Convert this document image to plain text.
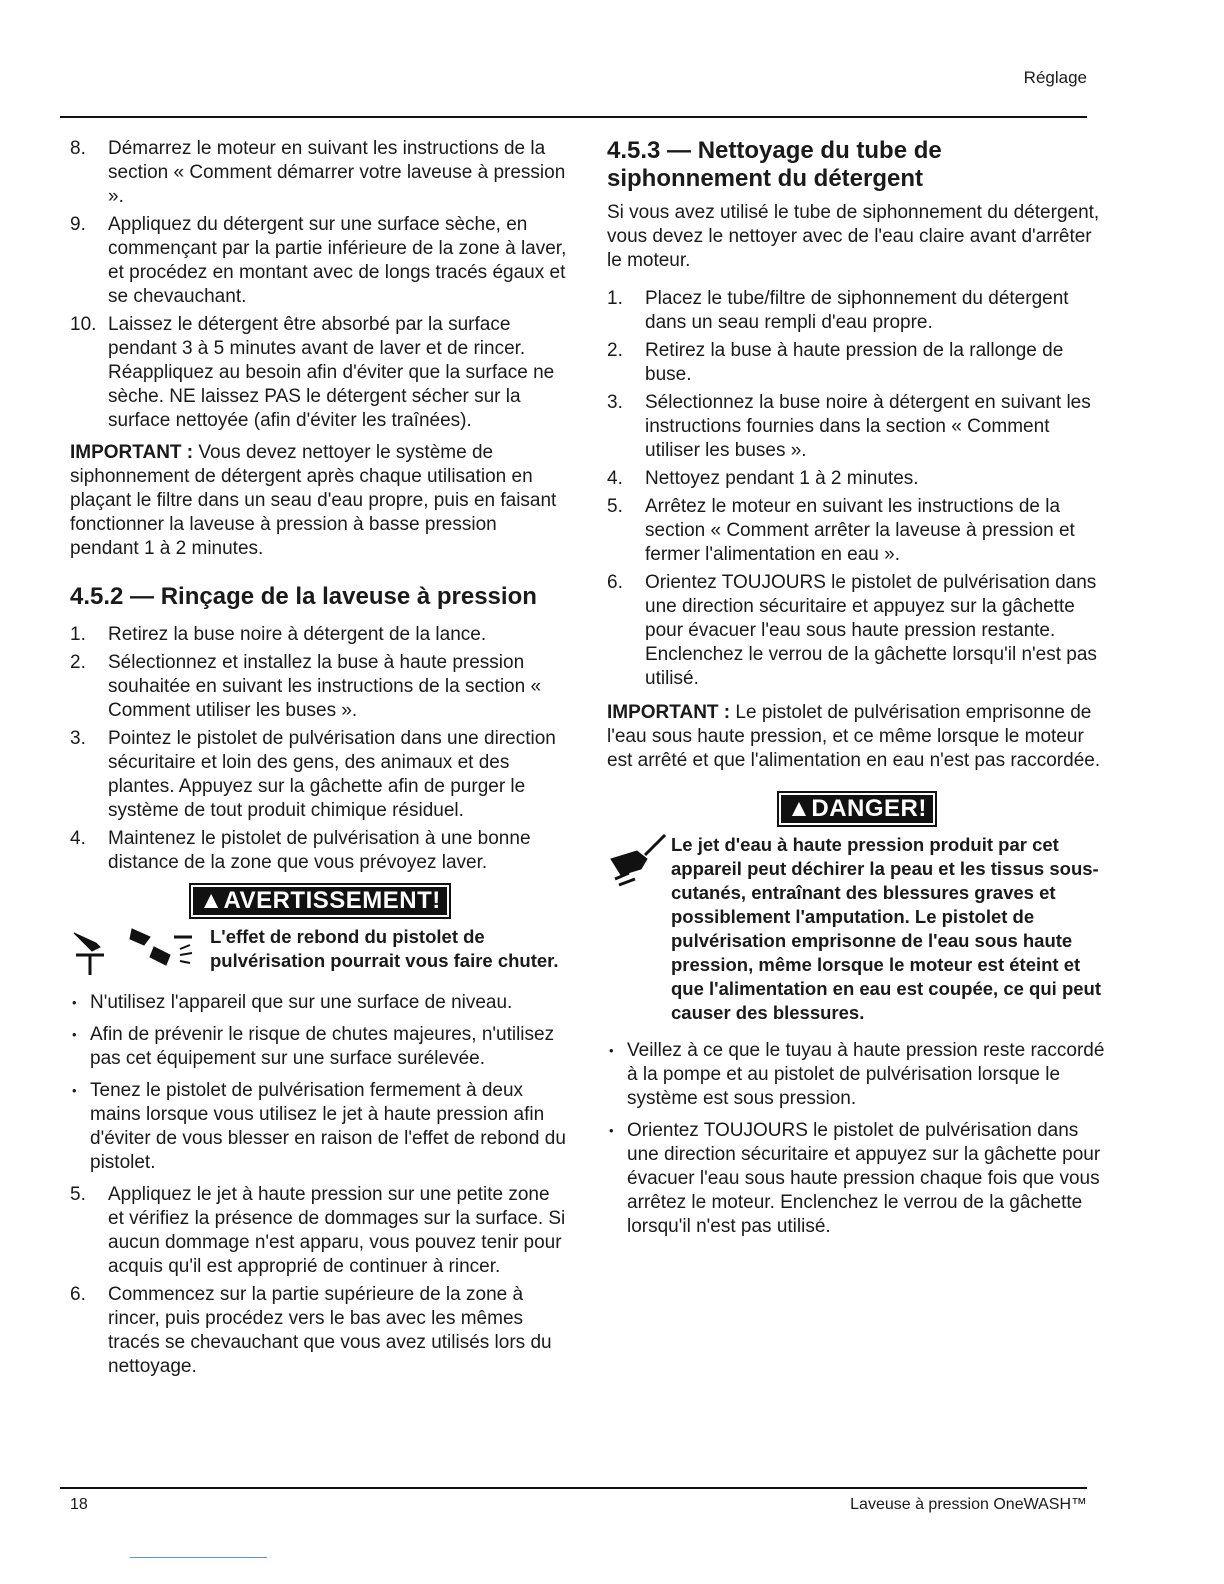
Réglage
8. Démarrez le moteur en suivant les instructions de la section « Comment démarrer votre laveuse à pression ».
9. Appliquez du détergent sur une surface sèche, en commençant par la partie inférieure de la zone à laver, et procédez en montant avec de longs tracés égaux et se chevauchant.
10. Laissez le détergent être absorbé par la surface pendant 3 à 5 minutes avant de laver et de rincer. Réappliquez au besoin afin d'éviter que la surface ne sèche. NE laissez PAS le détergent sécher sur la surface nettoyée (afin d'éviter les traînées).

IMPORTANT : Vous devez nettoyer le système de siphonnement de détergent après chaque utilisation en plaçant le filtre dans un seau d'eau propre, puis en faisant fonctionner la laveuse à pression à basse pression pendant 1 à 2 minutes.

4.5.2 — Rinçage de la laveuse à pression
1. Retirez la buse noire à détergent de la lance.
2. Sélectionnez et installez la buse à haute pression souhaitée en suivant les instructions de la section « Comment utiliser les buses ».
3. Pointez le pistolet de pulvérisation dans une direction sécuritaire et loin des gens, des animaux et des plantes. Appuyez sur la gâchette afin de purger le système de tout produit chimique résiduel.
4. Maintenez le pistolet de pulvérisation à une bonne distance de la zone que vous prévoyez laver.
▲AVERTISSEMENT!
L'effet de rebond du pistolet de pulvérisation pourrait vous faire chuter.
• N'utilisez l'appareil que sur une surface de niveau.
• Afin de prévenir le risque de chutes majeures, n'utilisez pas cet équipement sur une surface surélevée.
• Tenez le pistolet de pulvérisation fermement à deux mains lorsque vous utilisez le jet à haute pression afin d'éviter de vous blesser en raison de l'effet de rebond du pistolet.
5. Appliquez le jet à haute pression sur une petite zone et vérifiez la présence de dommages sur la surface. Si aucun dommage n'est apparu, vous pouvez tenir pour acquis qu'il est approprié de continuer à rincer.
6. Commencez sur la partie supérieure de la zone à rincer, puis procédez vers le bas avec les mêmes tracés se chevauchant que vous avez utilisés lors du nettoyage.
4.5.3 — Nettoyage du tube de siphonnement du détergent

Si vous avez utilisé le tube de siphonnement du détergent, vous devez le nettoyer avec de l'eau claire avant d'arrêter le moteur.

1. Placez le tube/filtre de siphonnement du détergent dans un seau rempli d'eau propre.
2. Retirez la buse à haute pression de la rallonge de buse.
3. Sélectionnez la buse noire à détergent en suivant les instructions fournies dans la section « Comment utiliser les buses ».
4. Nettoyez pendant 1 à 2 minutes.
5. Arrêtez le moteur en suivant les instructions de la section « Comment arrêter la laveuse à pression et fermer l'alimentation en eau ».
6. Orientez TOUJOURS le pistolet de pulvérisation dans une direction sécuritaire et appuyez sur la gâchette pour évacuer l'eau sous haute pression restante. Enclenchez le verrou de la gâchette lorsqu'il n'est pas utilisé.

IMPORTANT : Le pistolet de pulvérisation emprisonne de l'eau sous haute pression, et ce même lorsque le moteur est arrêté et que l'alimentation en eau n'est pas raccordée.

▲DANGER!
Le jet d'eau à haute pression produit par cet appareil peut déchirer la peau et les tissus sous-cutanés, entraînant des blessures graves et possiblement l'amputation. Le pistolet de pulvérisation emprisonne de l'eau sous haute pression, même lorsque le moteur est éteint et que l'alimentation en eau est coupée, ce qui peut causer des blessures.
• Veillez à ce que le tuyau à haute pression reste raccordé à la pompe et au pistolet de pulvérisation lorsque le système est sous pression.
• Orientez TOUJOURS le pistolet de pulvérisation dans une direction sécuritaire et appuyez sur la gâchette pour évacuer l'eau sous haute pression chaque fois que vous arrêtez le moteur. Enclenchez le verrou de la gâchette lorsqu'il n'est pas utilisé.
18	Laveuse à pression OneWASH™
